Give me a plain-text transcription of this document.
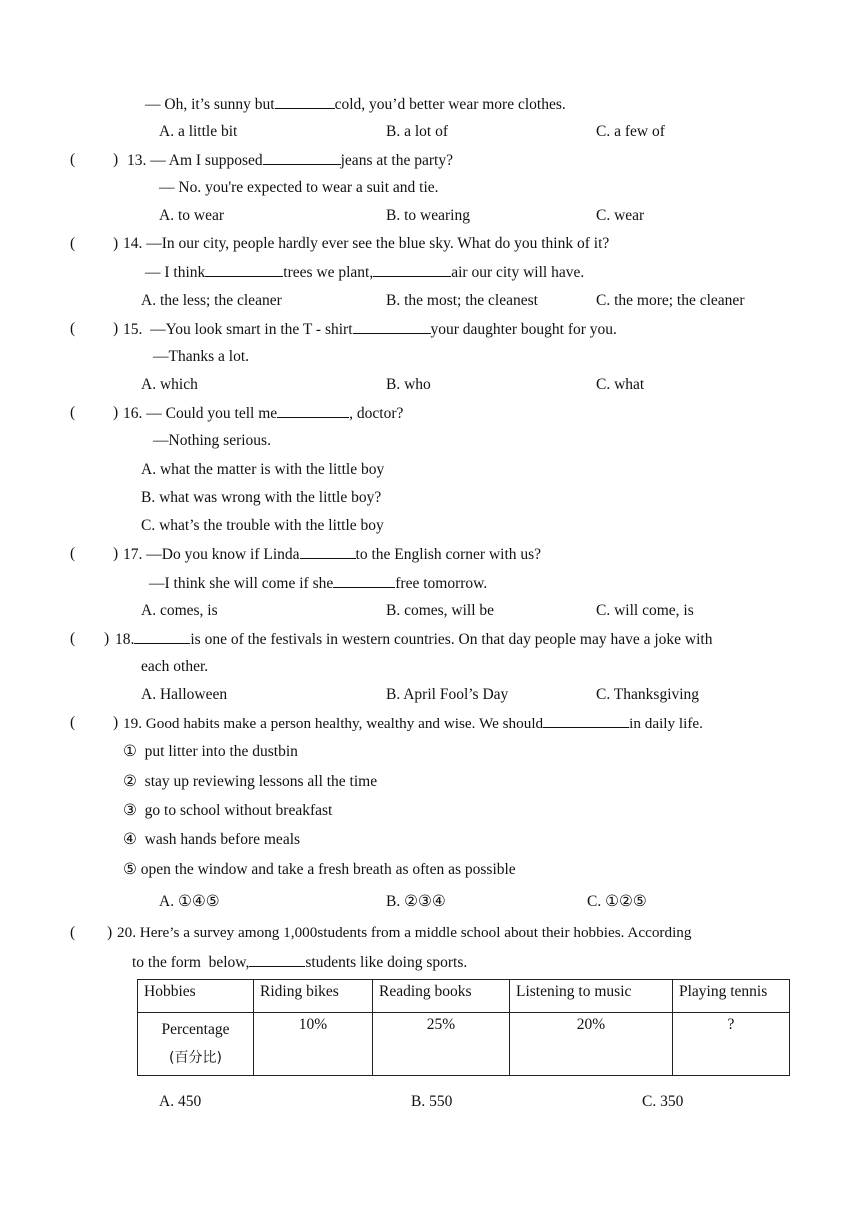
— Oh, it’s sunny but	cold, you’d better wear more clothes.
A. a little bit	B. a lot of	C. a few of
( ) 13. — Am I supposed	jeans at the party?
— No. you're expected to wear a suit and tie.
A. to wear	B. to wearing	C. wear
( ) 14. —In our city, people hardly ever see the blue sky. What do you think of it?
— I think	trees we plant,	air our city will have.
A. the less; the cleaner	B. the most; the cleanest	C. the more; the cleaner
( ) 15.  —You look smart in the T - shirt	your daughter bought for you.
—Thanks a lot.
A. which	B. who	C. what
( ) 16. — Could you tell me	, doctor?
—Nothing serious.
A. what the matter is with the little boy
B. what was wrong with the little boy?
C. what’s the trouble with the little boy
( ) 17. —Do you know if Linda	to the English corner with us?
—I think she will come if she	free tomorrow.
A. comes, is	B. comes, will be	C. will come, is
( ) 18.	is one of the festivals in western countries. On that day people may have a joke with
each other.
A. Halloween	B. April Fool’s Day	C. Thanksgiving
( ) 19. Good habits make a person healthy, wealthy and wise. We should	in daily life.
① put litter into the dustbin
② stay up reviewing lessons all the time
③ go to school without breakfast
④ wash hands before meals
⑤ open the window and take a fresh breath as often as possible
A. ①④⑤	B. ②③④	C. ①②⑤
( ) 20. Here’s a survey among 1,000students from a middle school about their hobbies. According
to the form  below,	students like doing sports.
Hobbies	Riding bikes	Reading books	Listening to music	Playing tennis
Percentage
(百分比)	10%	25%	20%	?
A. 450	B. 550	C. 350
